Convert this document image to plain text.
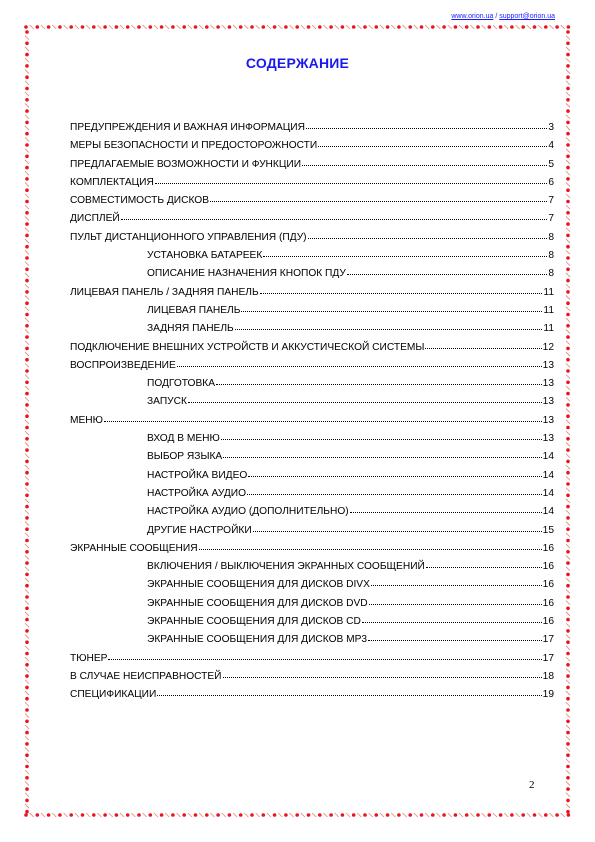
www.orion.ua / support@orion.ua
СОДЕРЖАНИЕ
ПРЕДУПРЕЖДЕНИЯ И ВАЖНАЯ ИНФОРМАЦИЯ	3
МЕРЫ БЕЗОПАСНОСТИ И ПРЕДОСТОРОЖНОСТИ	4
ПРЕДЛАГАЕМЫЕ ВОЗМОЖНОСТИ И ФУНКЦИИ	5
КОМПЛЕКТАЦИЯ	6
СОВМЕСТИМОСТЬ ДИСКОВ	7
ДИСПЛЕЙ	7
ПУЛЬТ ДИСТАНЦИОННОГО УПРАВЛЕНИЯ (ПДУ)	8
УСТАНОВКА БАТАРЕЕК	8
ОПИСАНИЕ НАЗНАЧЕНИЯ КНОПОК ПДУ	8
ЛИЦЕВАЯ ПАНЕЛЬ / ЗАДНЯЯ ПАНЕЛЬ	11
ЛИЦЕВАЯ ПАНЕЛЬ	11
ЗАДНЯЯ ПАНЕЛЬ	11
ПОДКЛЮЧЕНИЕ ВНЕШНИХ УСТРОЙСТВ И АККУСТИЧЕСКОЙ СИСТЕМЫ	12
ВОСПРОИЗВЕДЕНИЕ	13
ПОДГОТОВКА	13
ЗАПУСК	13
МЕНЮ	13
ВХОД В МЕНЮ	13
ВЫБОР ЯЗЫКА	14
НАСТРОЙКА ВИДЕО	14
НАСТРОЙКА АУДИО	14
НАСТРОЙКА АУДИО (ДОПОЛНИТЕЛЬНО)	14
ДРУГИЕ НАСТРОЙКИ	15
ЭКРАННЫЕ СООБЩЕНИЯ	16
ВКЛЮЧЕНИЯ / ВЫКЛЮЧЕНИЯ ЭКРАННЫХ СООБЩЕНИЙ	16
ЭКРАННЫЕ СООБЩЕНИЯ ДЛЯ ДИСКОВ DIVX	16
ЭКРАННЫЕ СООБЩЕНИЯ ДЛЯ ДИСКОВ DVD	16
ЭКРАННЫЕ СООБЩЕНИЯ ДЛЯ ДИСКОВ CD	16
ЭКРАННЫЕ СООБЩЕНИЯ ДЛЯ ДИСКОВ MP3	17
ТЮНЕР	17
В СЛУЧАЕ НЕИСПРАВНОСТЕЙ	18
СПЕЦИФИКАЦИИ	19
2
